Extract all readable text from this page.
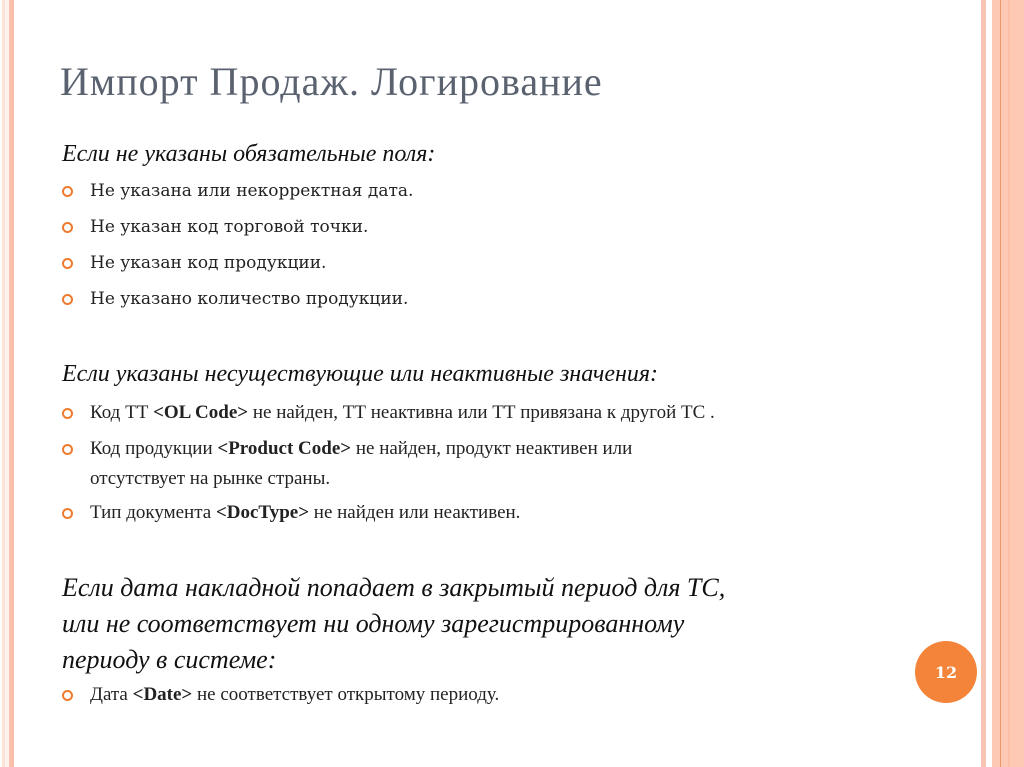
Импорт Продаж. Логирование
Если не указаны обязательные поля:
Не указана или некорректная дата.
Не указан код торговой точки.
Не указан код продукции.
Не указано количество продукции.
Если указаны несуществующие или неактивные значения:
Код ТТ <OL Code> не найден, ТТ неактивна или ТТ привязана к другой ТС .
Код продукции <Product Code> не найден, продукт неактивен или
отсутствует на рынке страны.
Тип документа <DocType> не найден или неактивен.
Если дата накладной попадает в закрытый период для ТС,
или не соответствует ни одному зарегистрированному
периоду в системе:
Дата <Date> не соответствует открытому периоду.
12
